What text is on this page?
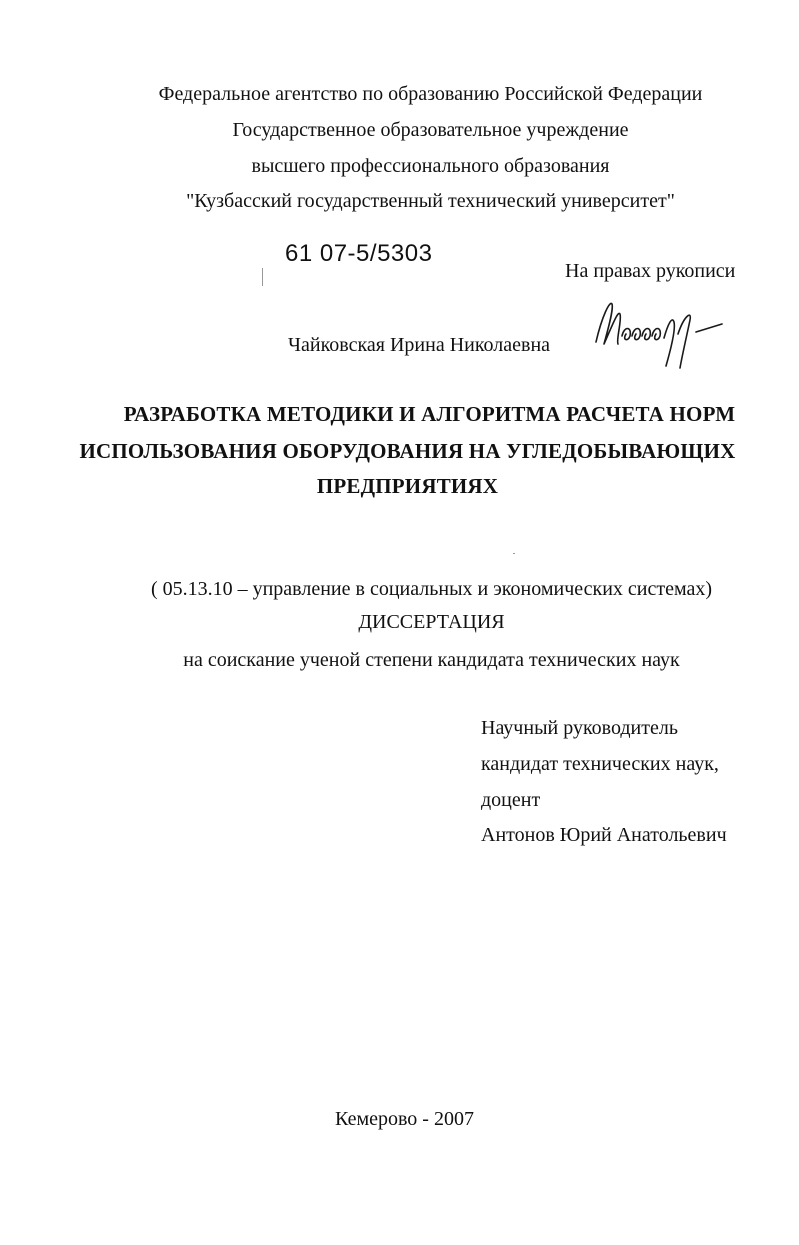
Федеральное агентство по образованию Российской Федерации
Государственное образовательное учреждение
высшего профессионального образования
"Кузбасский государственный технический университет"
61 07-5/5303
На правах рукописи
Чайковская Ирина Николаевна
РАЗРАБОТКА МЕТОДИКИ И АЛГОРИТМА РАСЧЕТА НОРМ
ИСПОЛЬЗОВАНИЯ ОБОРУДОВАНИЯ НА УГЛЕДОБЫВАЮЩИХ
ПРЕДПРИЯТИЯХ
( 05.13.10 – управление в социальных и экономических системах)
ДИССЕРТАЦИЯ
на соискание ученой степени кандидата технических наук
Научный руководитель
кандидат технических наук,
доцент
Антонов Юрий Анатольевич
Кемерово - 2007
